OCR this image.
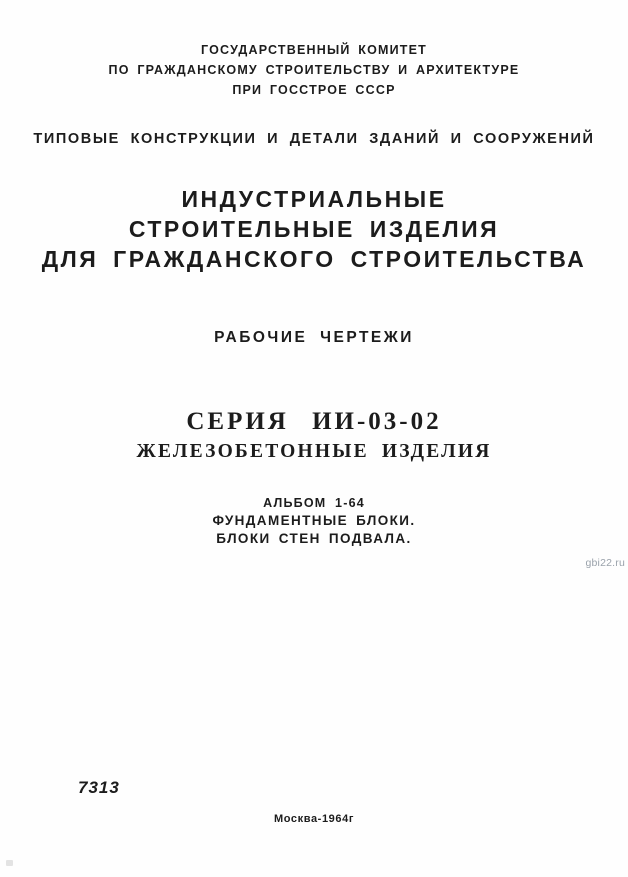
ГОСУДАРСТВЕННЫЙ КОМИТЕТ
ПО ГРАЖДАНСКОМУ СТРОИТЕЛЬСТВУ И АРХИТЕКТУРЕ
ПРИ ГОССТРОЕ СССР
ТИПОВЫЕ КОНСТРУКЦИИ И ДЕТАЛИ ЗДАНИЙ И СООРУЖЕНИЙ
ИНДУСТРИАЛЬНЫЕ
СТРОИТЕЛЬНЫЕ ИЗДЕЛИЯ
ДЛЯ ГРАЖДАНСКОГО СТРОИТЕЛЬСТВА
РАБОЧИЕ ЧЕРТЕЖИ
СЕРИЯ ИИ-03-02
ЖЕЛЕЗОБЕТОННЫЕ ИЗДЕЛИЯ
АЛЬБОМ 1-64
ФУНДАМЕНТНЫЕ БЛОКИ.
БЛОКИ СТЕН ПОДВАЛА.
gbi22.ru
7313
Москва-1964г
